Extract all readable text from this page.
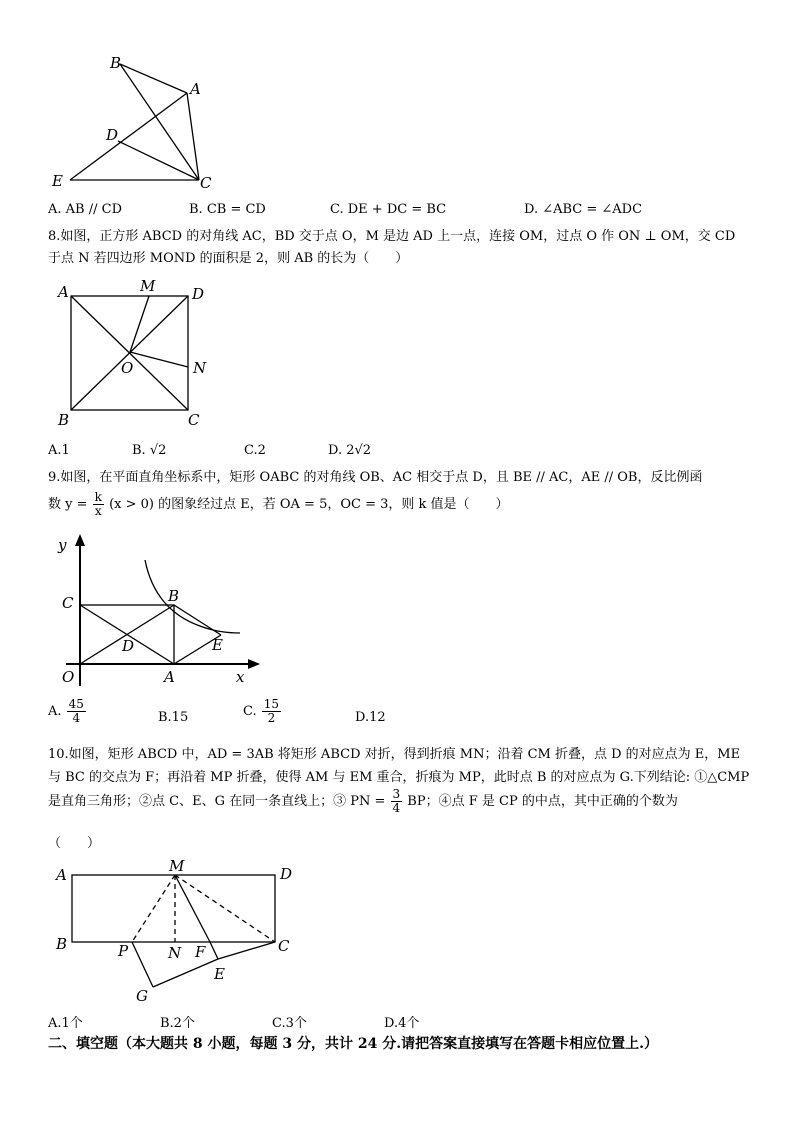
B
A
D
E	C
A. AB // CD	B. CB = CD	C. DE + DC = BC	D. ∠ABC = ∠ADC
8.如图，正方形 ABCD 的对角线 AC，BD 交于点 O，M 是边 AD 上一点，连接 OM，过点 O 作 ON ⊥ OM，交 CD
于点 N 若四边形 MOND 的面积是 2，则 AB 的长为（　　）
A	M D
O	N
B	C
A.1	B. √2	C.2	D. 2√2
9.如图，在平面直角坐标系中，矩形 OABC 的对角线 OB、AC 相交于点 D，且 BE // AC，AE // OB，反比例函
数 $y = \frac{k}{x} (x > 0)$ 的图象经过点 E，若 OA = 5，OC = 3，则 k 值是（　　）
y
C	B
D	E
O	A	x
A. $\frac{45}{4}$	B.15	C. $\frac{15}{2}$	D.12
10.如图，矩形 ABCD 中，AD = 3AB 将矩形 ABCD 对折，得到折痕 MN；沿着 CM 折叠，点 D 的对应点为 E，ME
与 BC 的交点为 F；再沿着 MP 折叠，使得 AM 与 EM 重合，折痕为 MP，此时点 B 的对应点为 G.下列结论: ①△CMP
是直角三角形；②点 C、E、G 在同一条直线上；③ PN = $\frac{3}{4}$ BP；④点 F 是 CP 的中点，其中正确的个数为
（　　）
A	M	D
B	P	N F	C
E
G
A.1个	B.2个	C.3个	D.4个
二、填空题（本大题共 8 小题，每题 3 分，共计 24 分.请把答案直接填写在答题卡相应位置上.）
